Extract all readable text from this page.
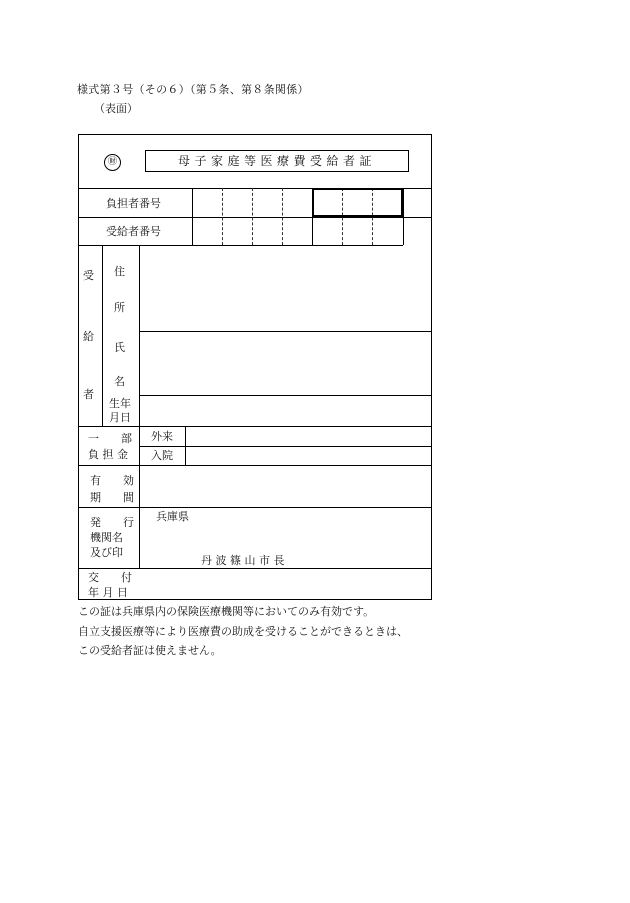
様式第３号（その６）（第５条、第８条関係）
（表面）
㊖	母子家庭等医療費受給者証
負担者番号
受給者番号
受
給
者
住
所
氏
名
生年
月日
一　　部
負 担 金
外来
入院
有　　効
期　　間
発　　行
機関名
及び印
兵庫県
丹 波 篠 山 市 長
交　　付
年 月 日
この証は兵庫県内の保険医療機関等においてのみ有効です。
自立支援医療等により医療費の助成を受けることができるときは、
この受給者証は使えません。
